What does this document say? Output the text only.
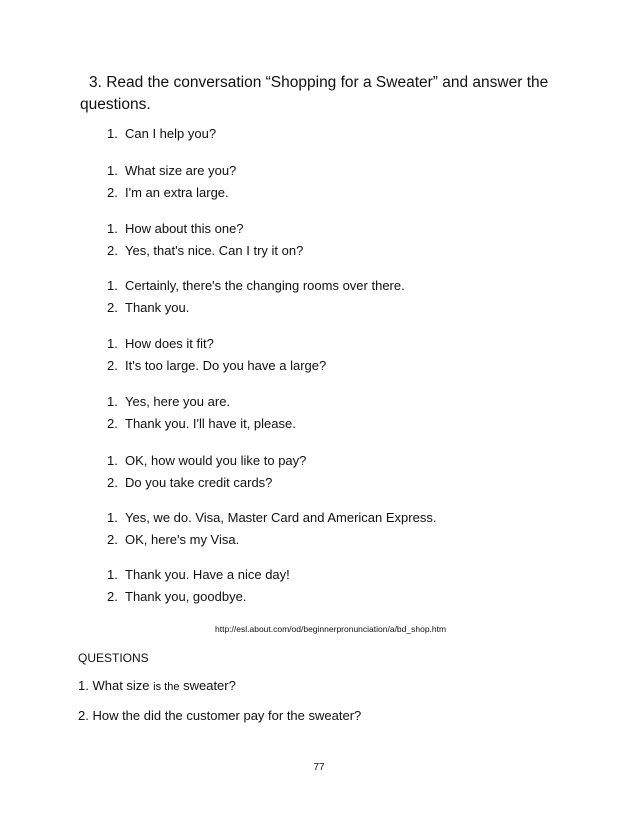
3. Read the conversation “Shopping for a Sweater” and answer the
questions.
1. Can I help you?
1. What size are you?
2. I'm an extra large.
1. How about this one?
2. Yes, that's nice. Can I try it on?
1. Certainly, there's the changing rooms over there.
2. Thank you.
1. How does it fit?
2. It's too large. Do you have a large?
1. Yes, here you are.
2. Thank you. I'll have it, please.
1. OK, how would you like to pay?
2. Do you take credit cards?
1. Yes, we do. Visa, Master Card and American Express.
2. OK, here's my Visa.
1. Thank you. Have a nice day!
2. Thank you, goodbye.
http://esl.about.com/od/beginnerpronunciation/a/bd_shop.htm
QUESTIONS
1. What size is the sweater?
2. How the did the customer pay for the sweater?
77
